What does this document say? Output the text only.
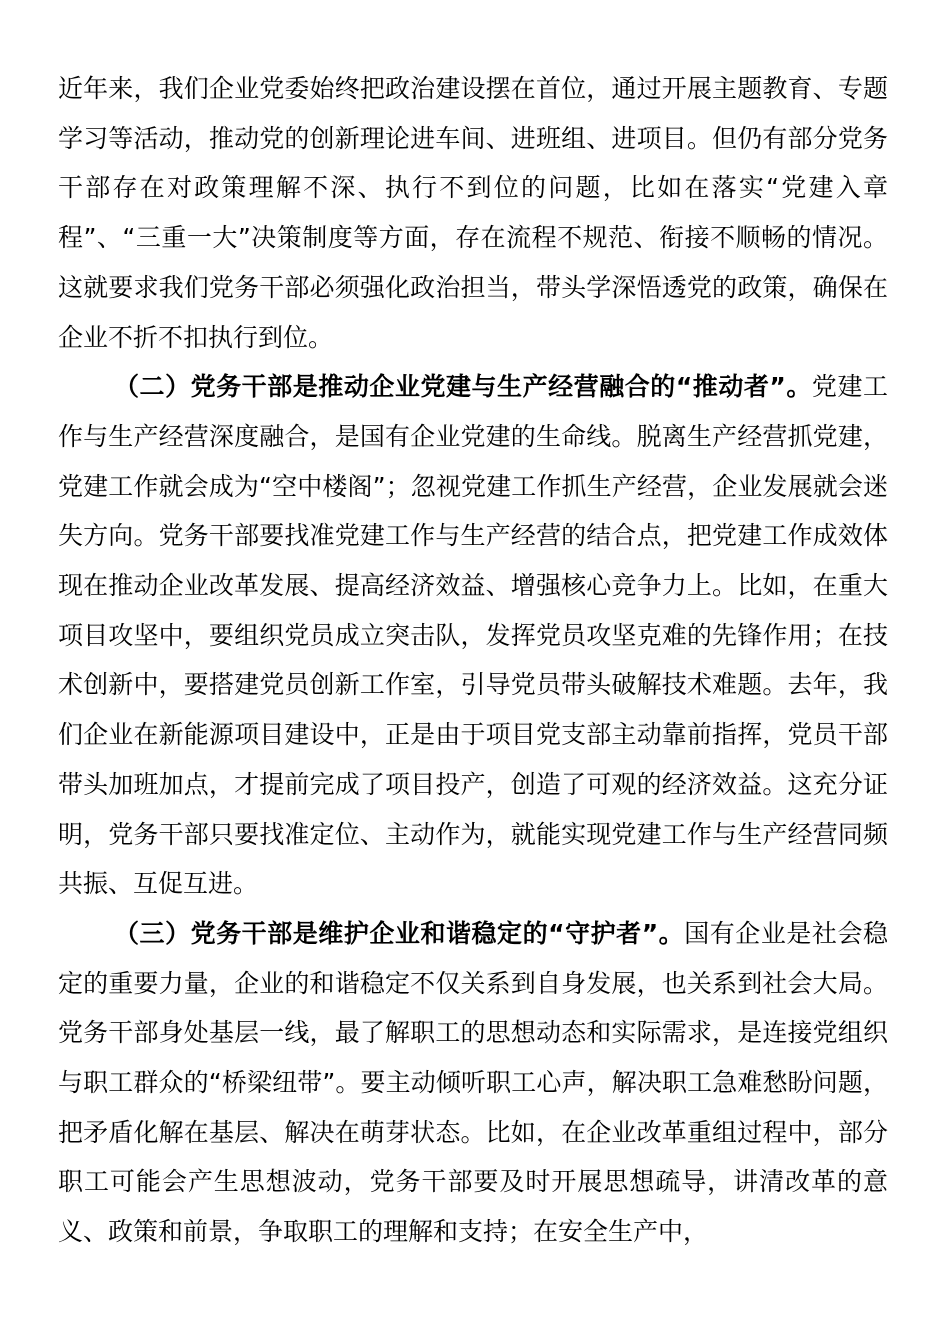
近年来，我们企业党委始终把政治建设摆在首位，通过开展主题教育、专题学习等活动，推动党的创新理论进车间、进班组、进项目。但仍有部分党务干部存在对政策理解不深、执行不到位的问题，比如在落实“党建入章程”、“三重一大”决策制度等方面，存在流程不规范、衔接不顺畅的情况。这就要求我们党务干部必须强化政治担当，带头学深悟透党的政策，确保在企业不折不扣执行到位。

（二）党务干部是推动企业党建与生产经营融合的“推动者”。党建工作与生产经营深度融合，是国有企业党建的生命线。脱离生产经营抓党建，党建工作就会成为“空中楼阁”；忽视党建工作抓生产经营，企业发展就会迷失方向。党务干部要找准党建工作与生产经营的结合点，把党建工作成效体现在推动企业改革发展、提高经济效益、增强核心竞争力上。比如，在重大项目攻坚中，要组织党员成立突击队，发挥党员攻坚克难的先锋作用；在技术创新中，要搭建党员创新工作室，引导党员带头破解技术难题。去年，我们企业在新能源项目建设中，正是由于项目党支部主动靠前指挥，党员干部带头加班加点，才提前完成了项目投产，创造了可观的经济效益。这充分证明，党务干部只要找准定位、主动作为，就能实现党建工作与生产经营同频共振、互促互进。

（三）党务干部是维护企业和谐稳定的“守护者”。国有企业是社会稳定的重要力量，企业的和谐稳定不仅关系到自身发展，也关系到社会大局。党务干部身处基层一线，最了解职工的思想动态和实际需求，是连接党组织与职工群众的“桥梁纽带”。要主动倾听职工心声，解决职工急难愁盼问题，把矛盾化解在基层、解决在萌芽状态。比如，在企业改革重组过程中，部分职工可能会产生思想波动，党务干部要及时开展思想疏导，讲清改革的意义、政策和前景，争取职工的理解和支持；在安全生产中，
